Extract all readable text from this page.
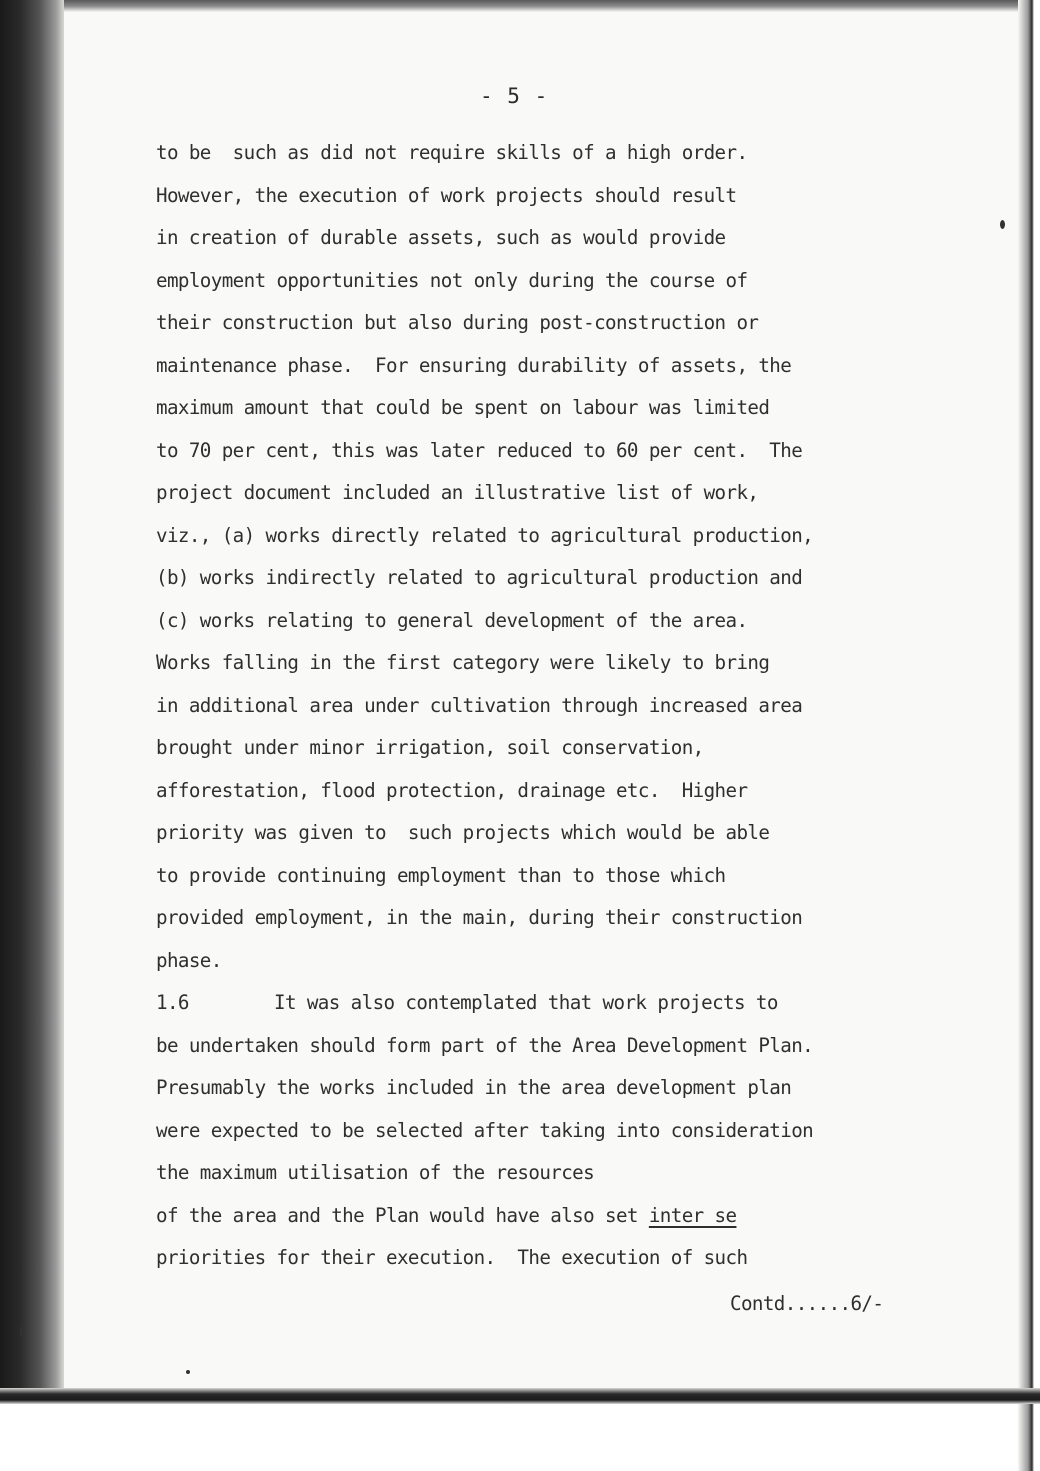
- 5 -
to be  such as did not require skills of a high order.
However, the execution of work projects should result
in creation of durable assets, such as would provide
employment opportunities not only during the course of
their construction but also during post-construction or
maintenance phase.  For ensuring durability of assets, the
maximum amount that could be spent on labour was limited
to 70 per cent, this was later reduced to 60 per cent.  The
project document included an illustrative list of work,
viz., (a) works directly related to agricultural production,
(b) works indirectly related to agricultural production and
(c) works relating to general development of the area.
Works falling in the first category were likely to bring
in additional area under cultivation through increased area
brought under minor irrigation, soil conservation,
afforestation, flood protection, drainage etc.  Higher
priority was given to  such projects which would be able
to provide continuing employment than to those which
provided employment, in the main, during their construction
phase.
1.6	It was also contemplated that work projects to
be undertaken should form part of the Area Development Plan.
Presumably the works included in the area development plan
were expected to be selected after taking into consideration
the maximum utilisation of the resources
of the area and the Plan would have also set inter se
priorities for their execution.  The execution of such
Contd......6/-
